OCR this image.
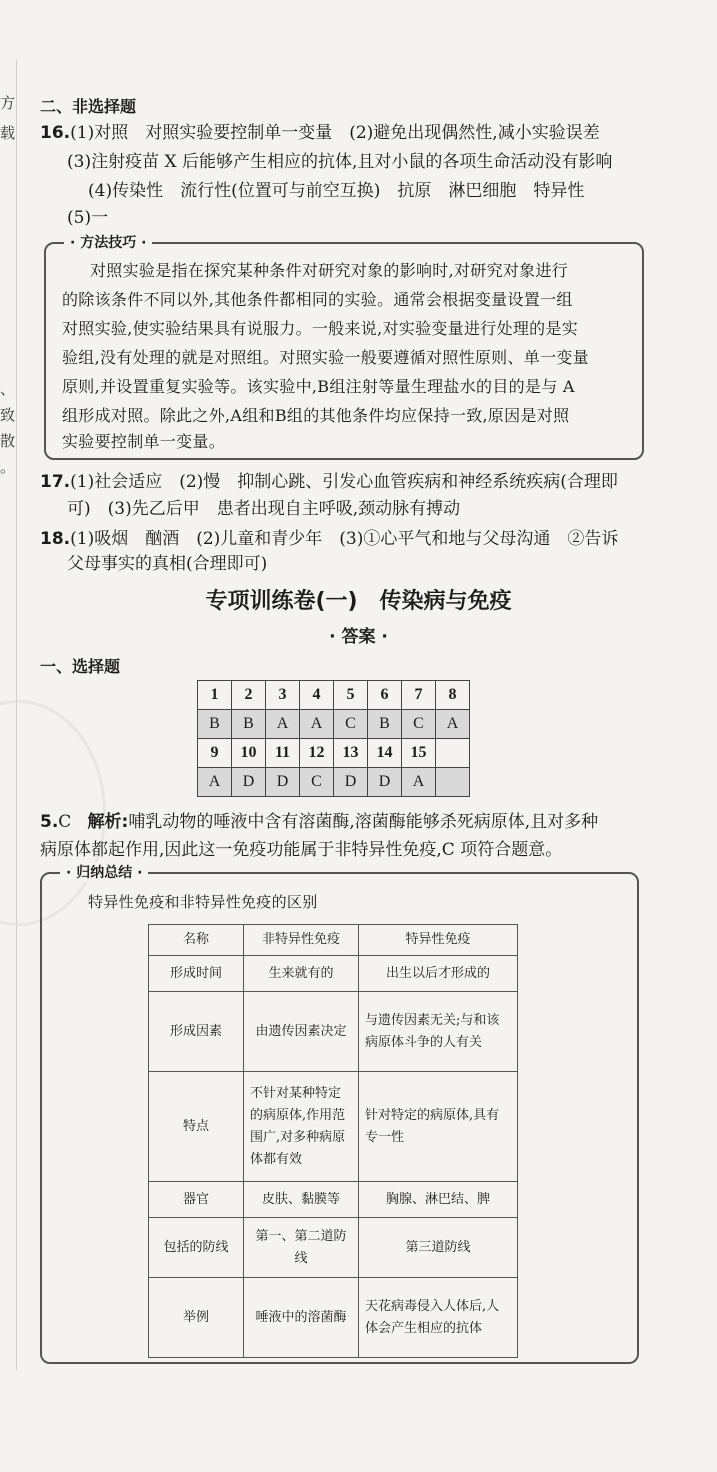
方
载
、
致
散
。
二、非选择题
16.(1)对照　对照实验要控制单一变量　(2)避免出现偶然性,减小实验误差
(3)注射疫苗 X 后能够产生相应的抗体,且对小鼠的各项生命活动没有影响
(4)传染性　流行性(位置可与前空互换)　抗原　淋巴细胞　特异性
(5)一
· 方法技巧 ·
对照实验是指在探究某种条件对研究对象的影响时,对研究对象进行
的除该条件不同以外,其他条件都相同的实验。通常会根据变量设置一组
对照实验,使实验结果具有说服力。一般来说,对实验变量进行处理的是实
验组,没有处理的就是对照组。对照实验一般要遵循对照性原则、单一变量
原则,并设置重复实验等。该实验中,B组注射等量生理盐水的目的是与 A
组形成对照。除此之外,A组和B组的其他条件均应保持一致,原因是对照
实验要控制单一变量。
17.(1)社会适应　(2)慢　抑制心跳、引发心血管疾病和神经系统疾病(合理即
可)　(3)先乙后甲　患者出现自主呼吸,颈动脉有搏动
18.(1)吸烟　酗酒　(2)儿童和青少年　(3)①心平气和地与父母沟通　②告诉
父母事实的真相(合理即可)
专项训练卷(一)　传染病与免疫
· 答案 ·
一、选择题
1	2	3	4	5	6	7	8
B	B	A	A	C	B	C	A
9	10	11	12	13	14	15	
A	D	D	C	D	D	A	
5.C 解析:哺乳动物的唾液中含有溶菌酶,溶菌酶能够杀死病原体,且对多种
病原体都起作用,因此这一免疫功能属于非特异性免疫,C 项符合题意。
· 归纳总结 ·
特异性免疫和非特异性免疫的区别
名称	非特异性免疫	特异性免疫
形成时间	生来就有的	出生以后才形成的
形成因素	由遗传因素决定	与遗传因素无关;与和该病原体斗争的人有关
特点	不针对某种特定的病原体,作用范围广,对多种病原体都有效	针对特定的病原体,具有专一性
器官	皮肤、黏膜等	胸腺、淋巴结、脾
包括的防线	第一、第二道防线	第三道防线
举例	唾液中的溶菌酶	天花病毒侵入人体后,人体会产生相应的抗体
